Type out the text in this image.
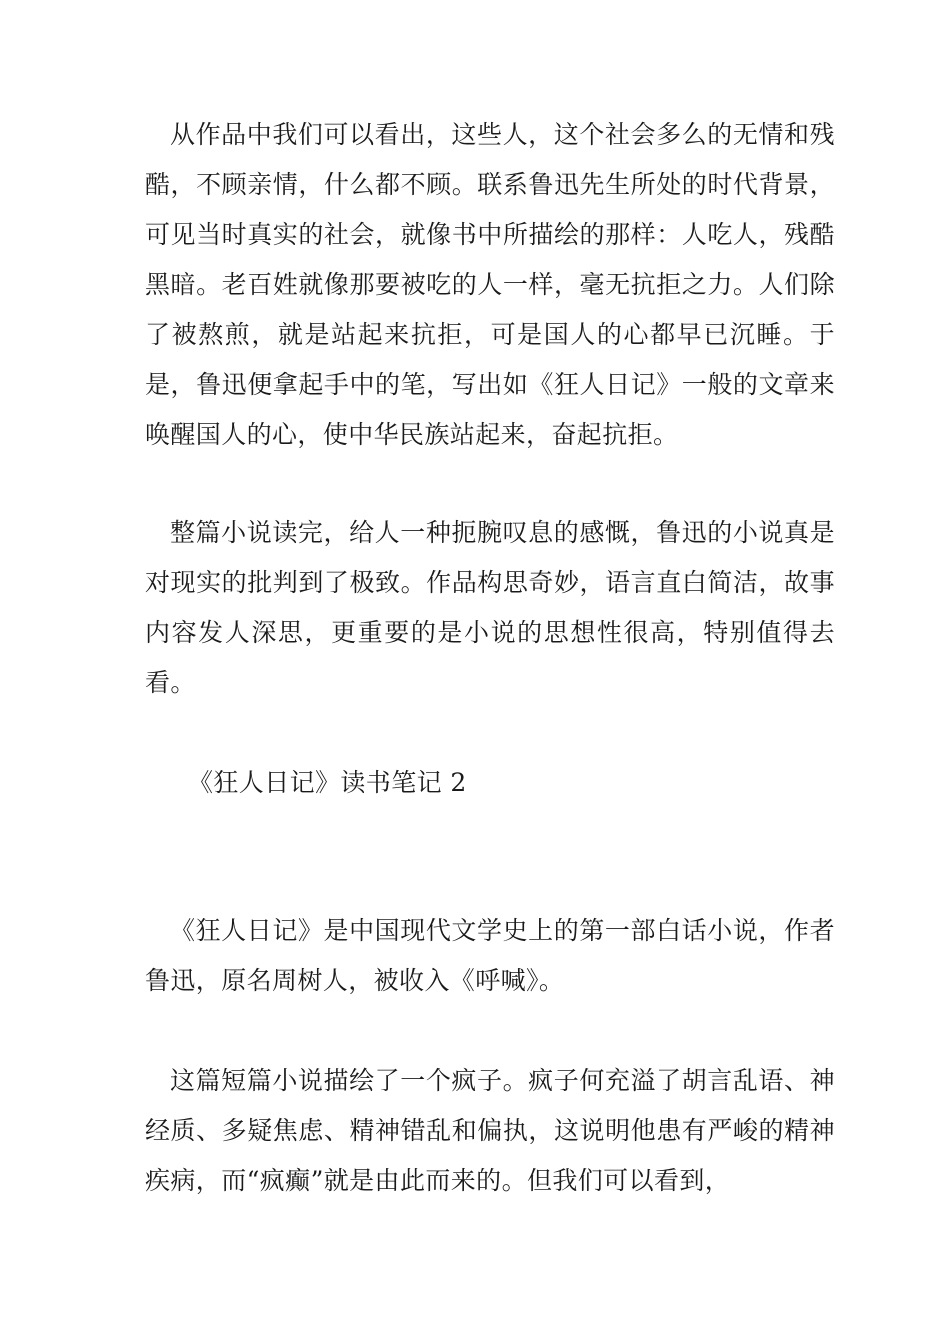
从作品中我们可以看出，这些人，这个社会多么的无情和残酷，不顾亲情，什么都不顾。联系鲁迅先生所处的时代背景，可见当时真实的社会，就像书中所描绘的那样：人吃人，残酷黑暗。老百姓就像那要被吃的人一样，毫无抗拒之力。人们除了被熬煎，就是站起来抗拒，可是国人的心都早已沉睡。于是，鲁迅便拿起手中的笔，写出如《狂人日记》一般的文章来唤醒国人的心，使中华民族站起来，奋起抗拒。

整篇小说读完，给人一种扼腕叹息的感慨，鲁迅的小说真是对现实的批判到了极致。作品构思奇妙，语言直白简洁，故事内容发人深思，更重要的是小说的思想性很高，特别值得去看。

《狂人日记》读书笔记 2

《狂人日记》是中国现代文学史上的第一部白话小说，作者鲁迅，原名周树人，被收入《呼喊》。

这篇短篇小说描绘了一个疯子。疯子何充溢了胡言乱语、神经质、多疑焦虑、精神错乱和偏执，这说明他患有严峻的精神疾病，而“疯癫”就是由此而来的。但我们可以看到，
